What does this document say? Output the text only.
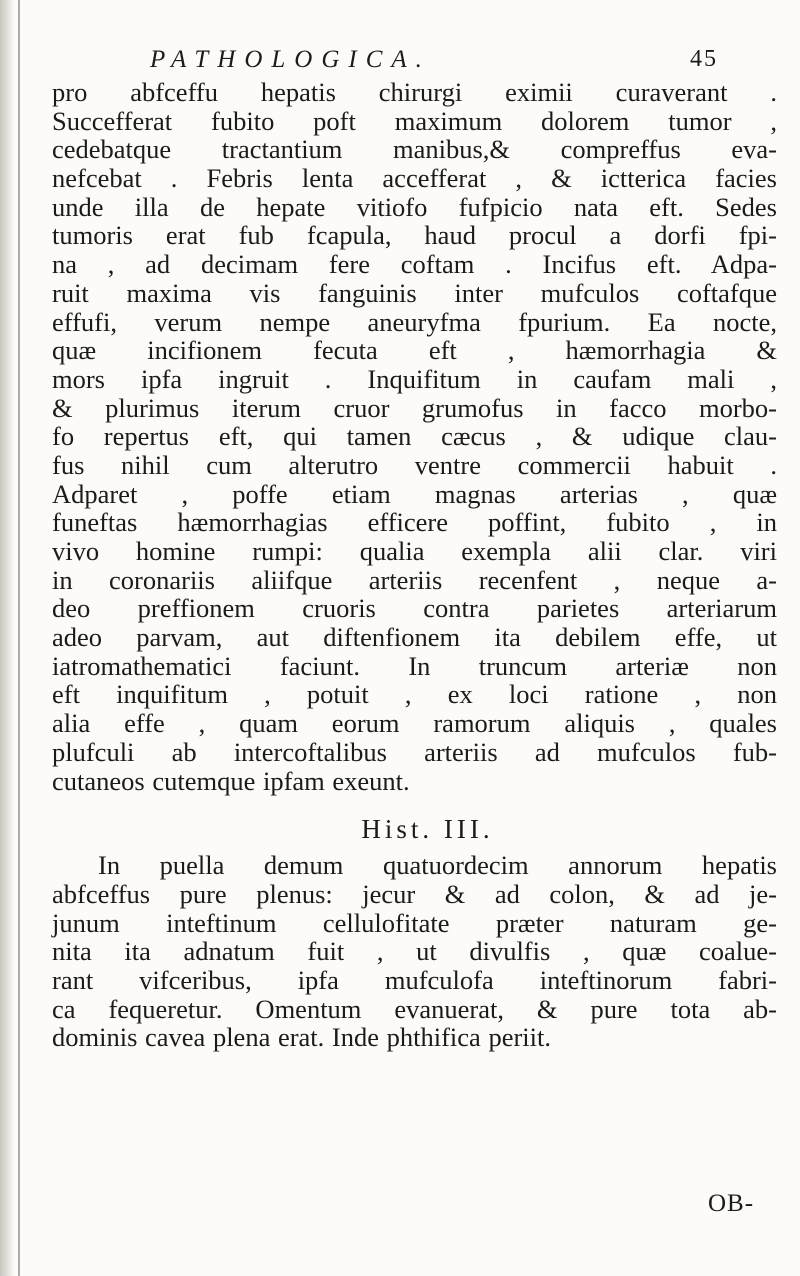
PATHOLOGICA.	45
pro abfceffu hepatis chirurgi eximii curaverant .
Succefferat fubito poft maximum dolorem tumor ,
cedebatque tractantium manibus,& compreffus eva-
nefcebat . Febris lenta accefferat , & ictterica facies
unde illa de hepate vitiofo fufpicio nata eft. Sedes
tumoris erat fub fcapula, haud procul a dorfi fpi-
na , ad decimam fere coftam . Incifus eft. Adpa-
ruit maxima vis fanguinis inter mufculos coftafque
effufi, verum nempe aneuryfma fpurium. Ea nocte,
quæ incifionem fecuta eft , hæmorrhagia &
mors ipfa ingruit . Inquifitum in caufam mali ,
& plurimus iterum cruor grumofus in facco morbo-
fo repertus eft, qui tamen cæcus , & udique clau-
fus nihil cum alterutro ventre commercii habuit .
Adparet , poffe etiam magnas arterias , quæ
funeftas hæmorrhagias efficere poffint, fubito , in
vivo homine rumpi: qualia exempla alii clar. viri
in coronariis aliifque arteriis recenfent , neque a-
deo preffionem cruoris contra parietes arteriarum
adeo parvam, aut diftenfionem ita debilem effe, ut
iatromathematici faciunt. In truncum arteriæ non
eft inquifitum , potuit , ex loci ratione , non
alia effe , quam eorum ramorum aliquis , quales
plufculi ab intercoftalibus arteriis ad mufculos fub-
cutaneos cutemque ipfam exeunt.
Hist. III.
In puella demum quatuordecim annorum hepatis
abfceffus pure plenus: jecur & ad colon, & ad je-
junum inteftinum cellulofitate præter naturam ge-
nita ita adnatum fuit , ut divulfis , quæ coalue-
rant vifceribus, ipfa mufculofa inteftinorum fabri-
ca fequeretur. Omentum evanuerat, & pure tota ab-
dominis cavea plena erat. Inde phthifica periit.
OB-
